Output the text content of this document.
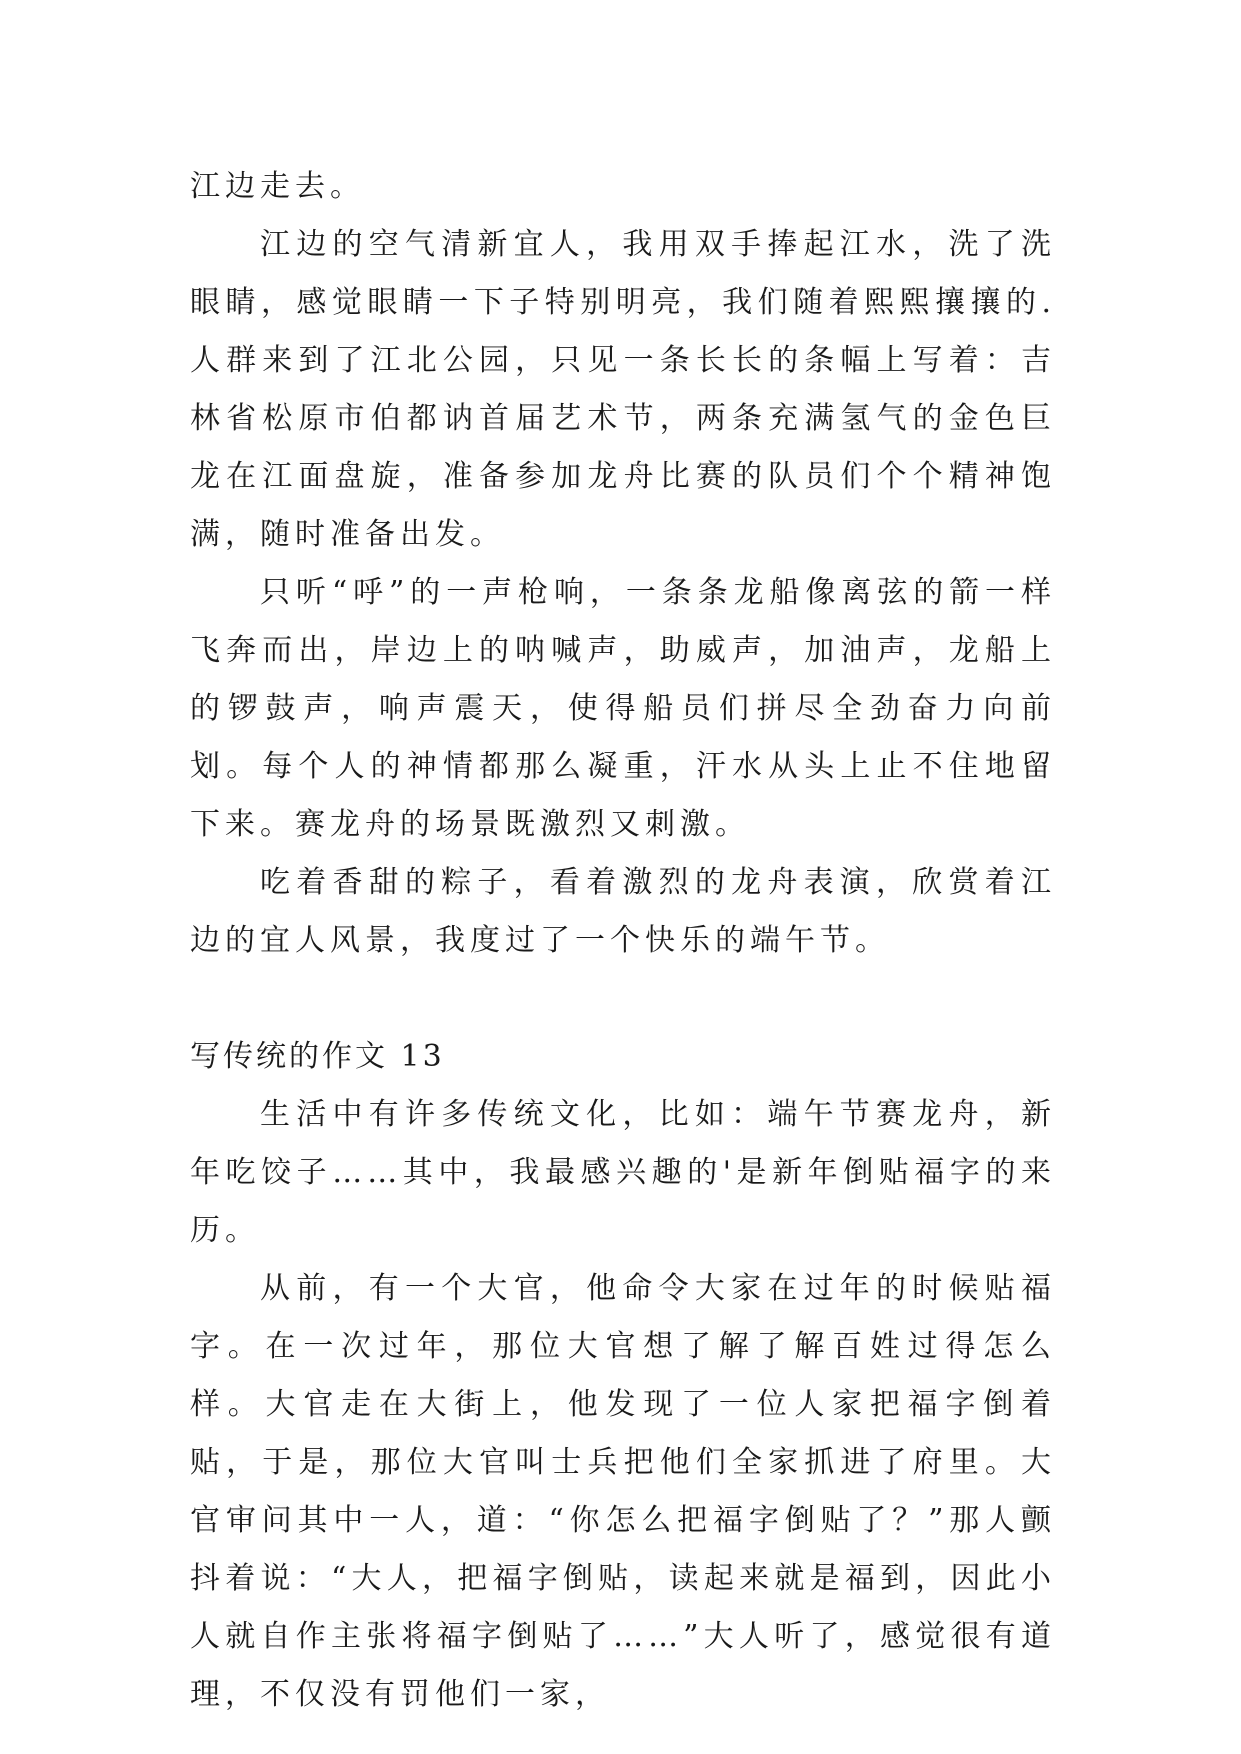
江边走去。

江边的空气清新宜人，我用双手捧起江水，洗了洗眼睛，感觉眼睛一下子特别明亮，我们随着熙熙攘攘的.人群来到了江北公园，只见一条长长的条幅上写着：吉林省松原市伯都讷首届艺术节，两条充满氢气的金色巨龙在江面盘旋，准备参加龙舟比赛的队员们个个精神饱满，随时准备出发。

只听“呼”的一声枪响，一条条龙船像离弦的箭一样飞奔而出，岸边上的呐喊声，助威声，加油声，龙船上的锣鼓声，响声震天，使得船员们拼尽全劲奋力向前划。每个人的神情都那么凝重，汗水从头上止不住地留下来。赛龙舟的场景既激烈又刺激。

吃着香甜的粽子，看着激烈的龙舟表演，欣赏着江边的宜人风景，我度过了一个快乐的端午节。

写传统的作文 13

生活中有许多传统文化，比如：端午节赛龙舟，新年吃饺子……其中，我最感兴趣的'是新年倒贴福字的来历。

从前，有一个大官，他命令大家在过年的时候贴福字。在一次过年，那位大官想了解了解百姓过得怎么样。大官走在大街上，他发现了一位人家把福字倒着贴，于是，那位大官叫士兵把他们全家抓进了府里。大官审问其中一人，道：“你怎么把福字倒贴了？”那人颤抖着说：“大人，把福字倒贴，读起来就是福到，因此小人就自作主张将福字倒贴了……”大人听了，感觉很有道理，不仅没有罚他们一家，
